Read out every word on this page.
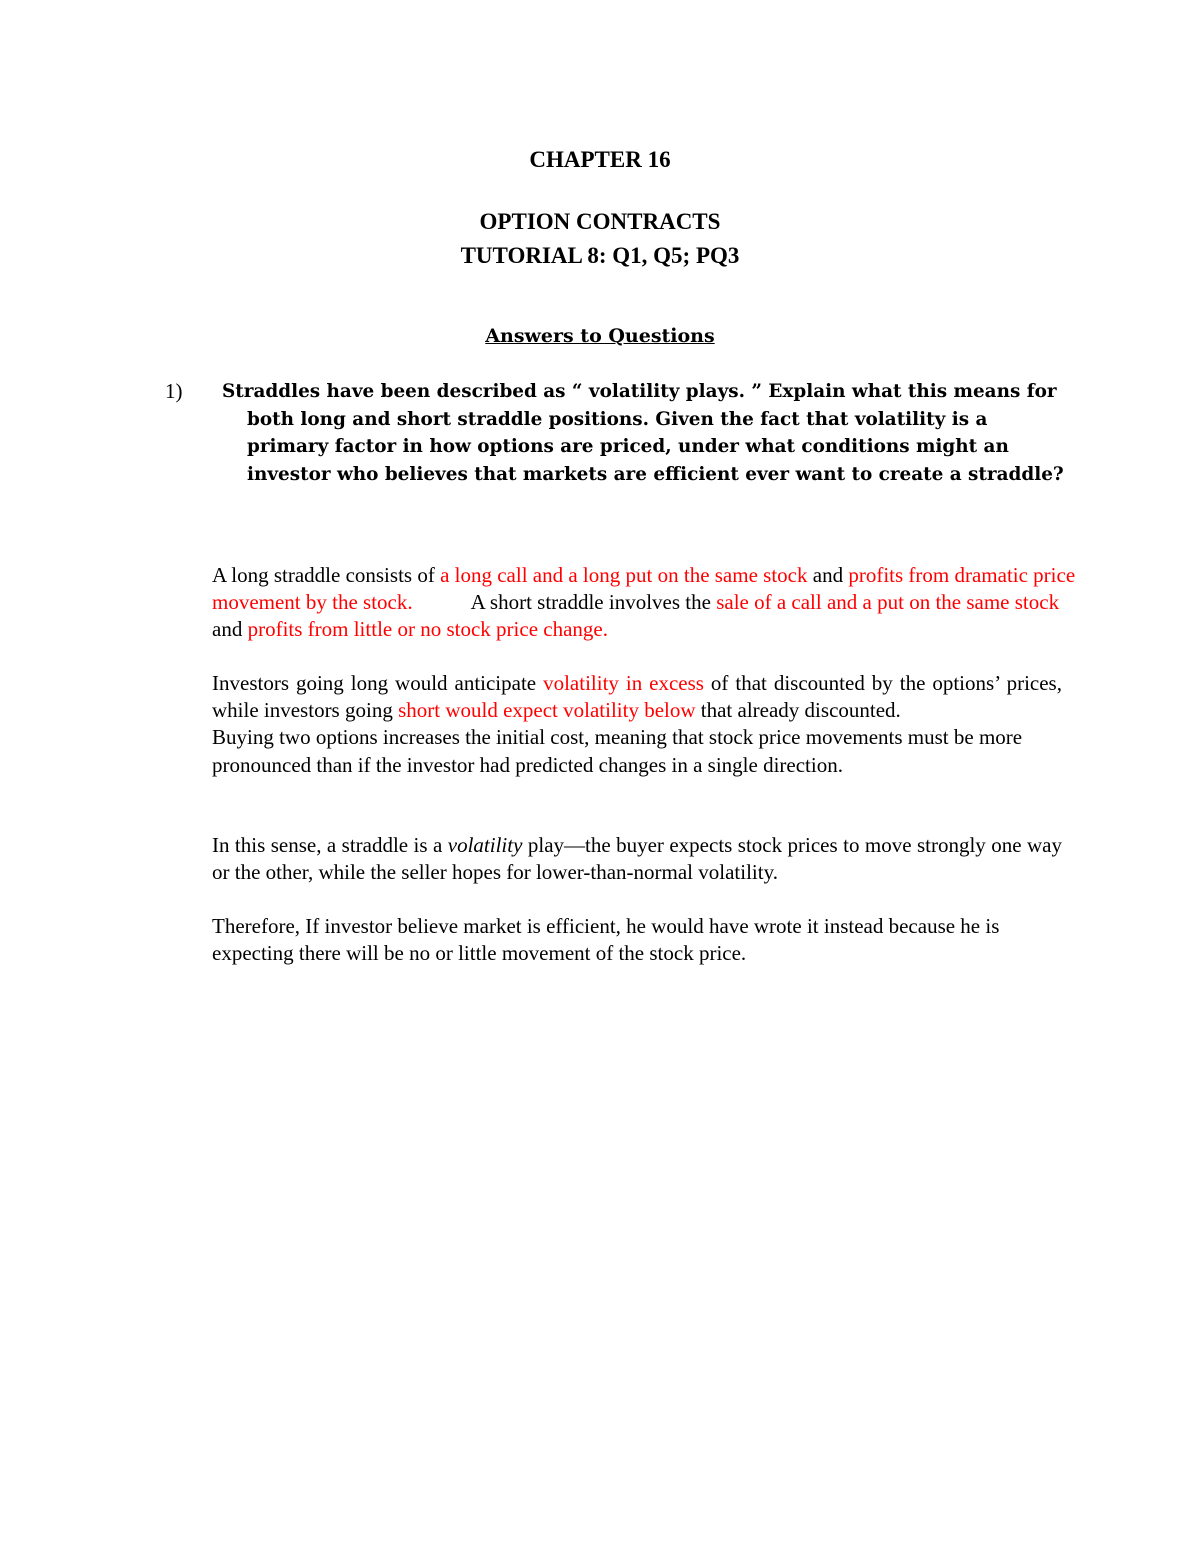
CHAPTER 16
OPTION CONTRACTS
TUTORIAL 8: Q1, Q5; PQ3
Answers to Questions
1)	Straddles have been described as “ volatility plays. ” Explain what this means for both long and short straddle positions. Given the fact that volatility is a primary factor in how options are priced, under what conditions might an investor who believes that markets are efficient ever want to create a straddle?

A long straddle consists of a long call and a long put on the same stock and profits from dramatic price movement by the stock.	A short straddle involves the sale of a call and a put on the same stock and profits from little or no stock price change.

Investors going long would anticipate volatility in excess of that discounted by the options’ prices, while investors going short would expect volatility below that already discounted.
Buying two options increases the initial cost, meaning that stock price movements must be more pronounced than if the investor had predicted changes in a single direction.

In this sense, a straddle is a volatility play—the buyer expects stock prices to move strongly one way or the other, while the seller hopes for lower-than-normal volatility.

Therefore, If investor believe market is efficient, he would have wrote it instead because he is expecting there will be no or little movement of the stock price.
